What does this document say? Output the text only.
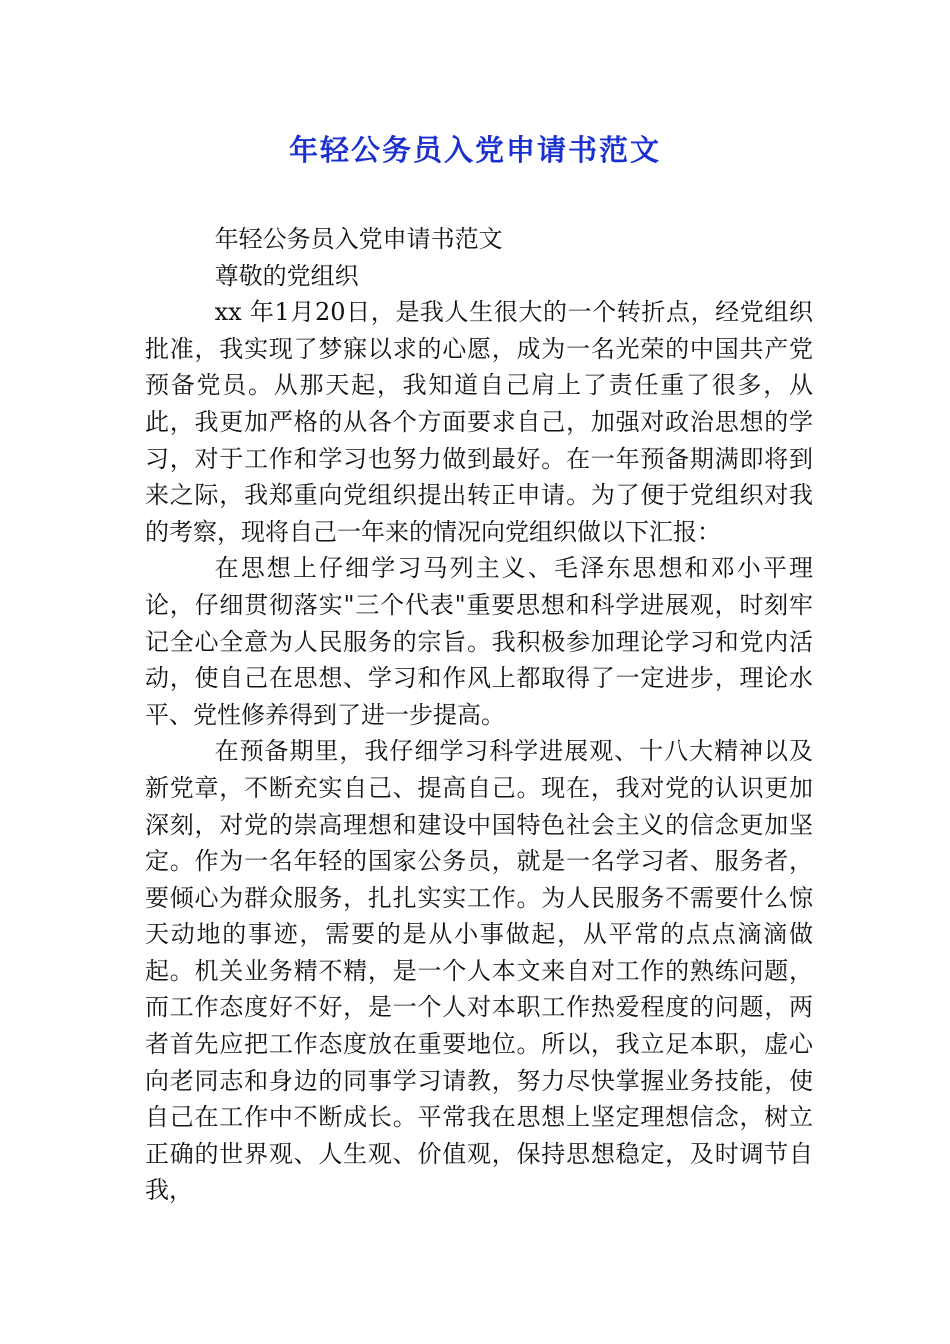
年轻公务员入党申请书范文

年轻公务员入党申请书范文

尊敬的党组织

xx 年1月20日，是我人生很大的一个转折点，经党组织批准，我实现了梦寐以求的心愿，成为一名光荣的中国共产党预备党员。从那天起，我知道自己肩上了责任重了很多，从此，我更加严格的从各个方面要求自己，加强对政治思想的学习，对于工作和学习也努力做到最好。在一年预备期满即将到来之际，我郑重向党组织提出转正申请。为了便于党组织对我的考察，现将自己一年来的情况向党组织做以下汇报：

在思想上仔细学习马列主义、毛泽东思想和邓小平理论，仔细贯彻落实"三个代表"重要思想和科学进展观，时刻牢记全心全意为人民服务的宗旨。我积极参加理论学习和党内活动，使自己在思想、学习和作风上都取得了一定进步，理论水平、党性修养得到了进一步提高。

在预备期里，我仔细学习科学进展观、十八大精神以及新党章，不断充实自己、提高自己。现在，我对党的认识更加深刻，对党的崇高理想和建设中国特色社会主义的信念更加坚定。作为一名年轻的国家公务员，就是一名学习者、服务者，要倾心为群众服务，扎扎实实工作。为人民服务不需要什么惊天动地的事迹，需要的是从小事做起，从平常的点点滴滴做起。机关业务精不精，是一个人本文来自对工作的熟练问题，而工作态度好不好，是一个人对本职工作热爱程度的问题，两者首先应把工作态度放在重要地位。所以，我立足本职，虚心向老同志和身边的同事学习请教，努力尽快掌握业务技能，使自己在工作中不断成长。平常我在思想上坚定理想信念，树立正确的世界观、人生观、价值观，保持思想稳定，及时调节自我，
